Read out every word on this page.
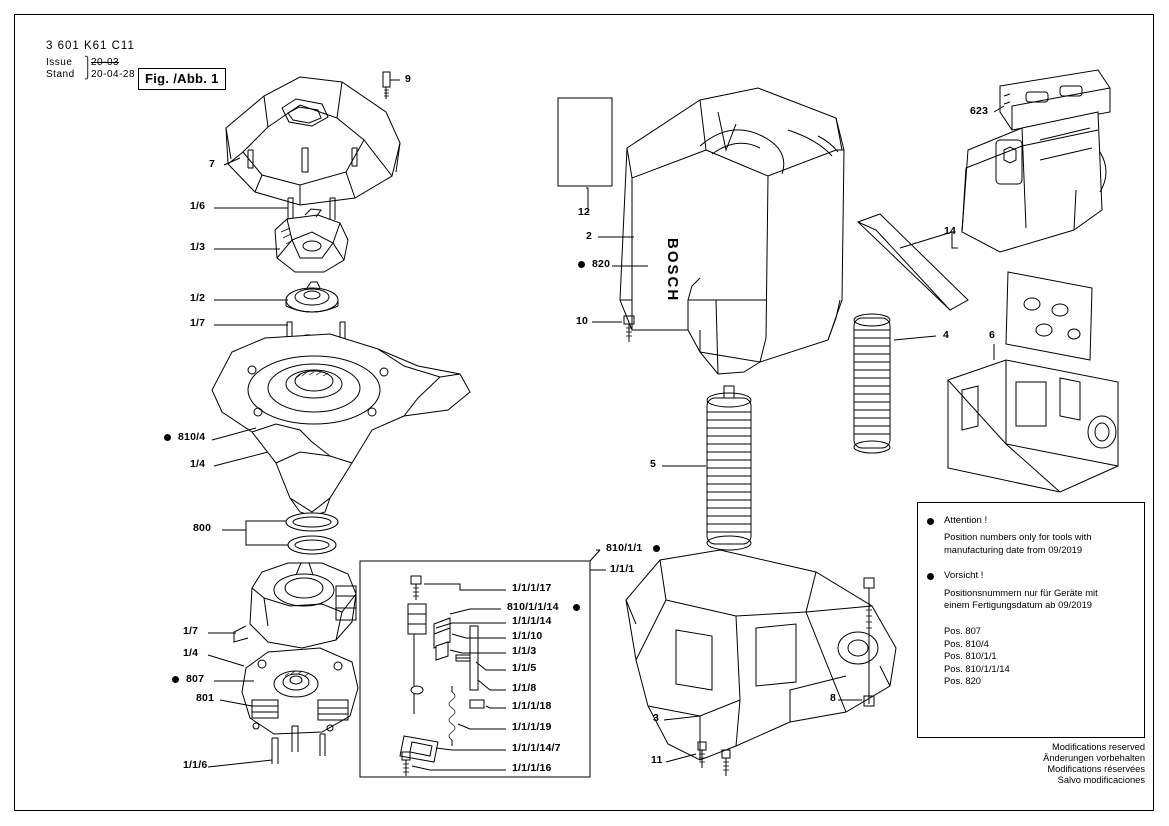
3 601 K61 C11
Issue	⎫ 20-03
Stand ⎭ 20-04-28 Fig. /Abb. 1
BOSCH
9
7
1/6
1/3
1/2
1/7
810/4
1/4
800
1/7
1/4
807
801
1/1/6
12
2
820
10
5
623
14
4	6
3
11
8
810/1/1
1/1/1
1/1/1/17
810/1/1/14
1/1/1/14
1/1/10
1/1/3
1/1/5
1/1/8
1/1/1/18
1/1/1/19
1/1/1/14/7
1/1/1/16
Attention !
Position numbers only for tools with manufacturing date from 09/2019
Vorsicht !
Positionsnummern nur für Geräte mit einem Fertigungsdatum ab 09/2019
Pos. 807
Pos. 810/4
Pos. 810/1/1
Pos. 810/1/1/14
Pos. 820
Modifications reserved
Änderungen vorbehalten
Modifications réservées
Salvo modificaciones
